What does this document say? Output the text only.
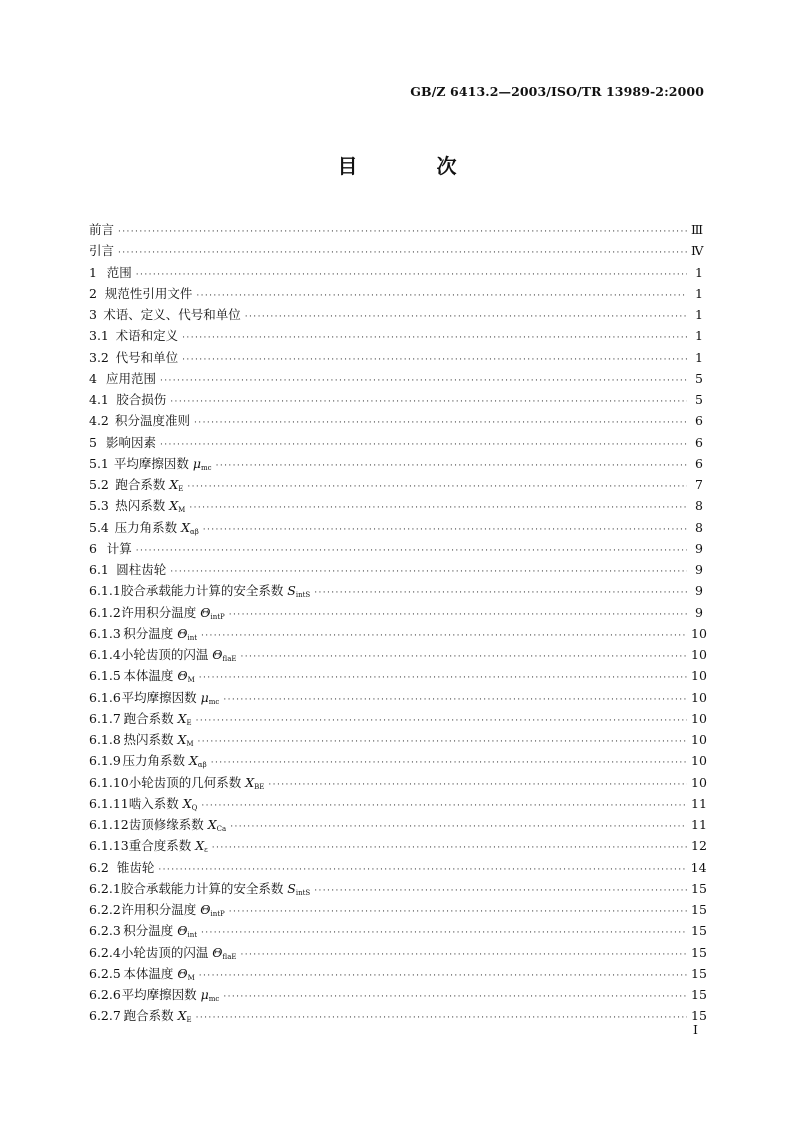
GB/Z 6413.2—2003/ISO/TR 13989-2:2000
目 次
前言 ·····	Ⅲ
引言 ·····	Ⅳ
1 范围 ·····	1
2 规范性引用文件 ·····	1
3 术语、定义、代号和单位 ·····	1
3.1 术语和定义 ·····	1
3.2 代号和单位 ·····	1
4 应用范围 ·····	5
4.1 胶合损伤 ·····	5
4.2 积分温度准则 ·····	6
5 影响因素 ·····	6
5.1 平均摩擦因数 $\mu_{mc}$ ·····	6
5.2 跑合系数 $X_E$ ·····	7
5.3 热闪系数 $X_M$ ·····	8
5.4 压力角系数 $X_{\alpha\beta}$ ·····	8
6 计算 ·····	9
6.1 圆柱齿轮 ·····	9
6.1.1 胶合承载能力计算的安全系数 $S_{intS}$ ·····	9
6.1.2 许用积分温度 $\Theta_{intP}$ ·····	9
6.1.3 积分温度 $\Theta_{int}$ ·····	10
6.1.4 小轮齿顶的闪温 $\Theta_{flaE}$ ·····	10
6.1.5 本体温度 $\Theta_M$ ·····	10
6.1.6 平均摩擦因数 $\mu_{mc}$ ·····	10
6.1.7 跑合系数 $X_E$ ·····	10
6.1.8 热闪系数 $X_M$ ·····	10
6.1.9 压力角系数 $X_{\alpha\beta}$ ·····	10
6.1.10 小轮齿顶的几何系数 $X_{BE}$ ·····	10
6.1.11 啮入系数 $X_Q$ ·····	11
6.1.12 齿顶修缘系数 $X_{Ca}$ ·····	11
6.1.13 重合度系数 $X_\varepsilon$ ·····	12
6.2 锥齿轮 ·····	14
6.2.1 胶合承载能力计算的安全系数 $S_{intS}$ ·····	15
6.2.2 许用积分温度 $\Theta_{intP}$ ·····	15
6.2.3 积分温度 $\Theta_{int}$ ·····	15
6.2.4 小轮齿顶的闪温 $\Theta_{flaE}$ ·····	15
6.2.5 本体温度 $\Theta_M$ ·····	15
6.2.6 平均摩擦因数 $\mu_{mc}$ ·····	15
6.2.7 跑合系数 $X_E$ ·····	15
Ⅰ
